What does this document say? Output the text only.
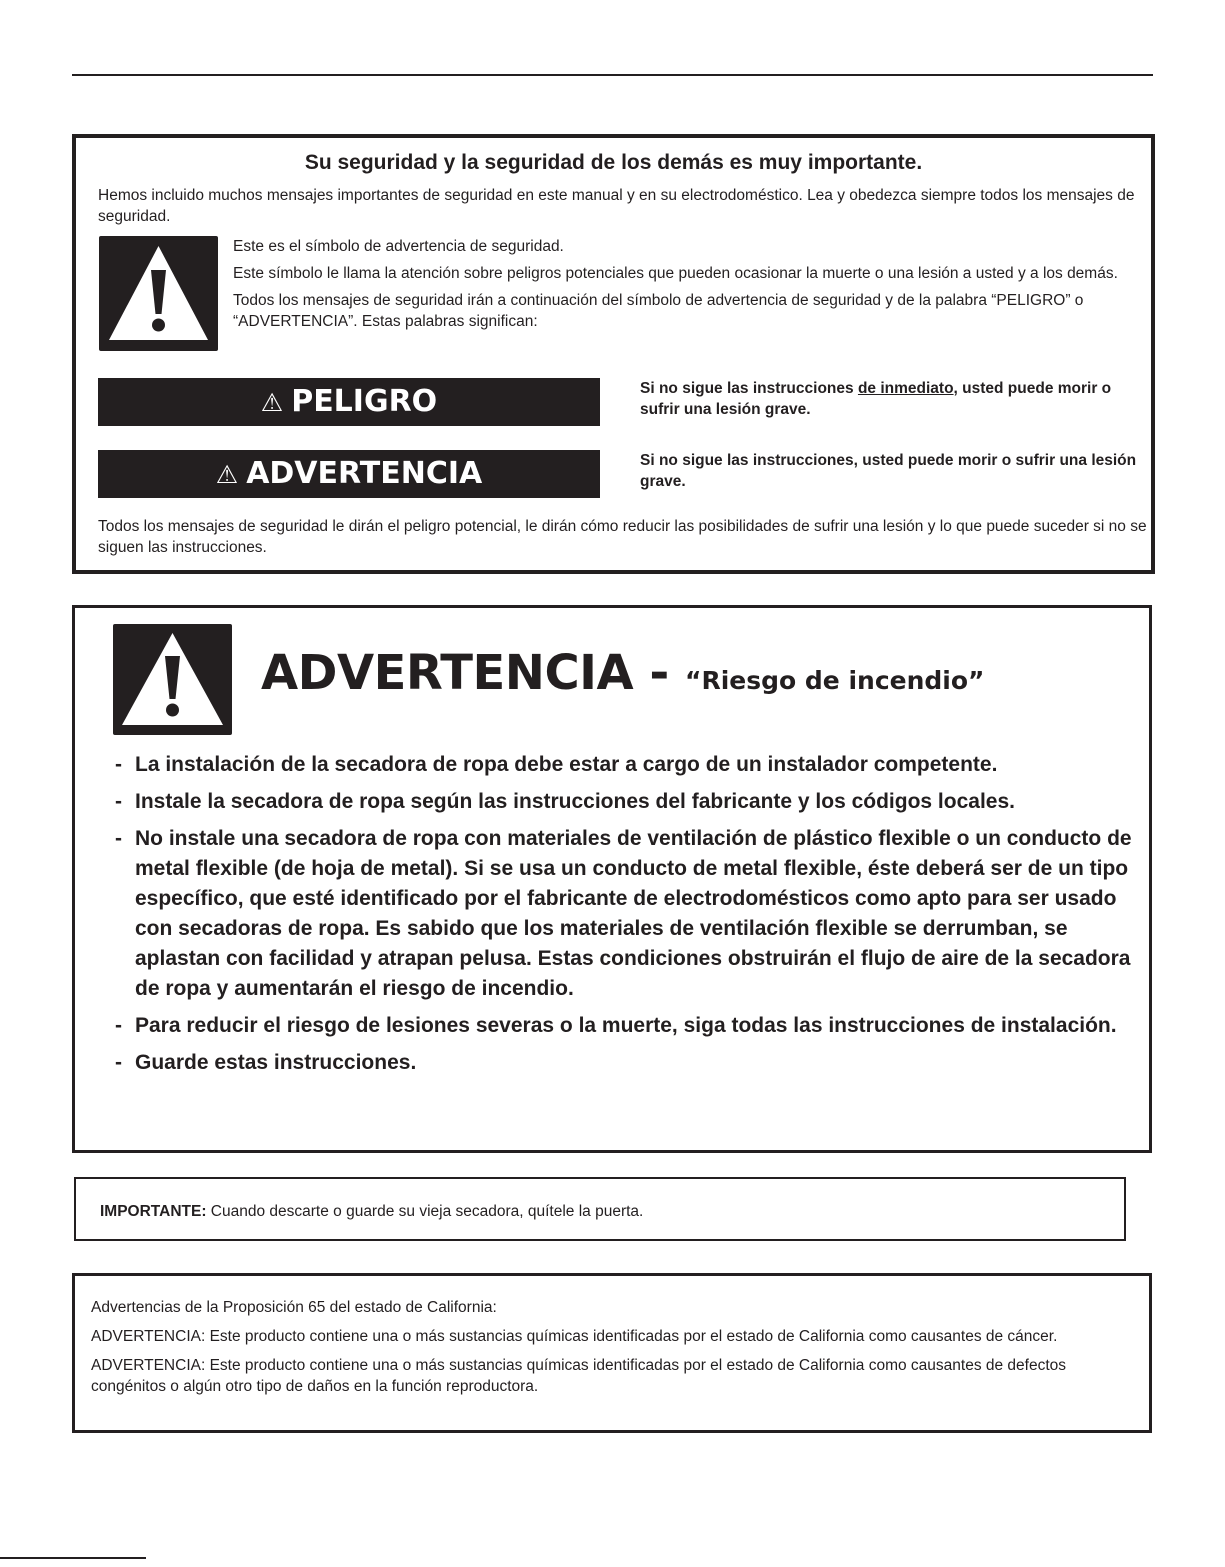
Su seguridad y la seguridad de los demás es muy importante.
Hemos incluido muchos mensajes importantes de seguridad en este manual y en su electrodoméstico. Lea y obedezca siempre todos los mensajes de seguridad.

Este es el símbolo de advertencia de seguridad.

Este símbolo le llama la atención sobre peligros potenciales que pueden ocasionar la muerte o una lesión a usted y a los demás.

Todos los mensajes de seguridad irán a continuación del símbolo de advertencia de seguridad y de la palabra “PELIGRO” o “ADVERTENCIA”. Estas palabras significan:

⚠ PELIGRO	Si no sigue las instrucciones de inmediato, usted puede morir o sufrir una lesión grave.
⚠ ADVERTENCIA	Si no sigue las instrucciones, usted puede morir o sufrir una lesión grave.
Todos los mensajes de seguridad le dirán el peligro potencial, le dirán cómo reducir las posibilidades de sufrir una lesión y lo que puede suceder si no se siguen las instrucciones.
ADVERTENCIA - “Riesgo de incendio”
- La instalación de la secadora de ropa debe estar a cargo de un instalador competente.
- Instale la secadora de ropa según las instrucciones del fabricante y los códigos locales.
- No instale una secadora de ropa con materiales de ventilación de plástico flexible o un conducto de metal flexible (de hoja de metal). Si se usa un conducto de metal flexible, éste deberá ser de un tipo específico, que esté identificado por el fabricante de electrodomésticos como apto para ser usado con secadoras de ropa. Es sabido que los materiales de ventilación flexible se derrumban, se aplastan con facilidad y atrapan pelusa. Estas condiciones obstruirán el flujo de aire de la secadora de ropa y aumentarán el riesgo de incendio.
- Para reducir el riesgo de lesiones severas o la muerte, siga todas las instrucciones de instalación.
- Guarde estas instrucciones.
IMPORTANTE: Cuando descarte o guarde su vieja secadora, quítele la puerta.

Advertencias de la Proposición 65 del estado de California:

ADVERTENCIA: Este producto contiene una o más sustancias químicas identificadas por el estado de California como causantes de cáncer.

ADVERTENCIA: Este producto contiene una o más sustancias químicas identificadas por el estado de California como causantes de defectos congénitos o algún otro tipo de daños en la función reproductora.
